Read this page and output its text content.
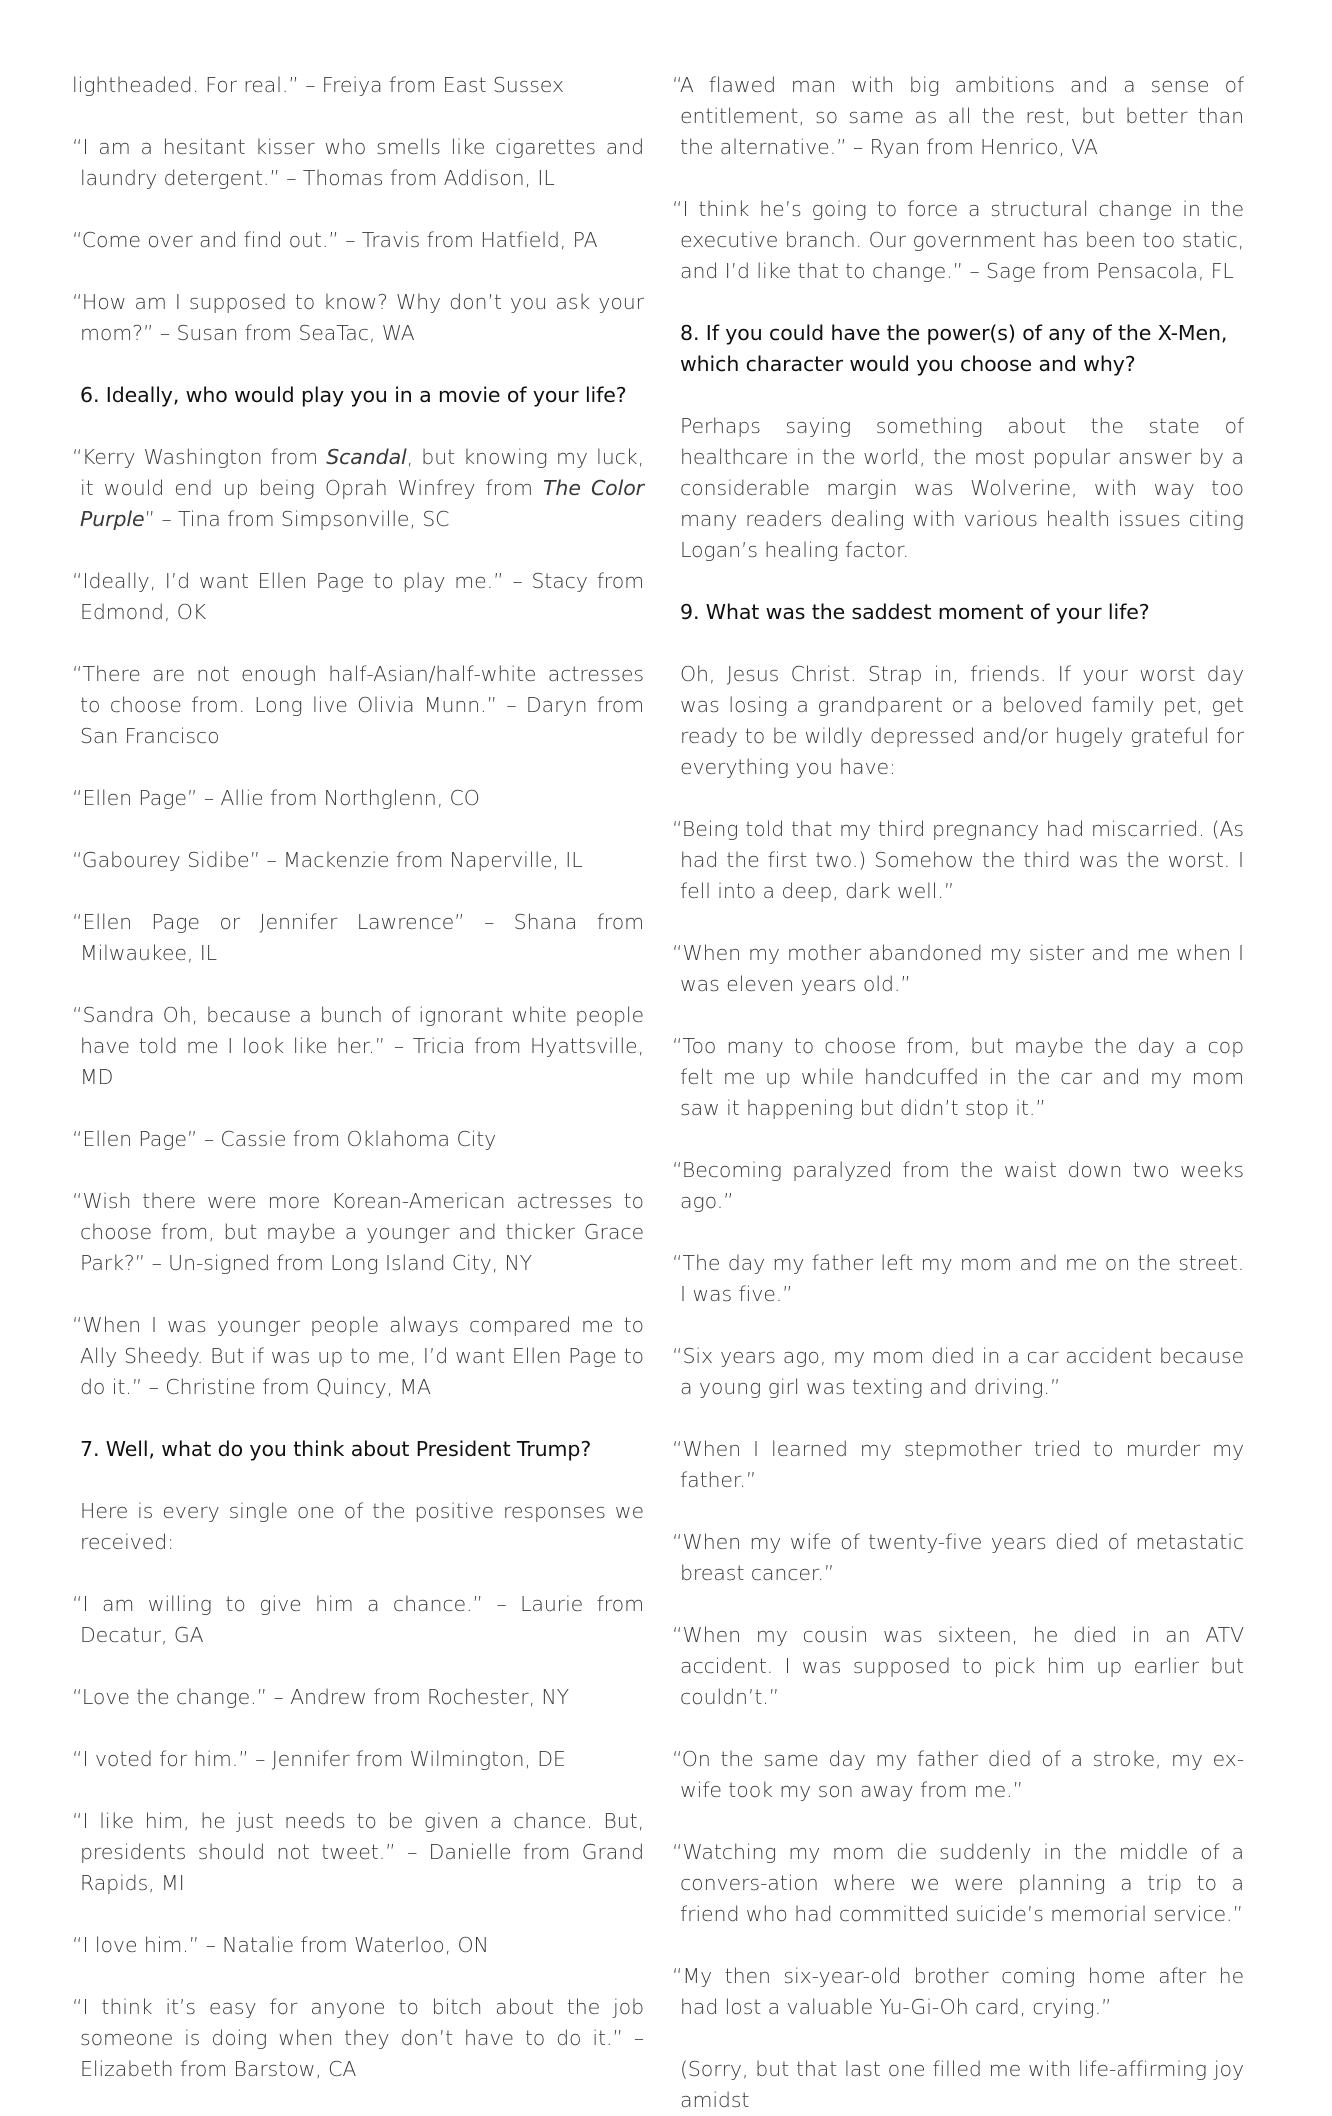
lightheaded. For real.” – Freiya from East Sussex

“I am a hesitant kisser who smells like cigarettes and laundry detergent.” – Thomas from Addison, IL

“Come over and find out.” – Travis from Hatfield, PA

“How am I supposed to know? Why don’t you ask your mom?” – Susan from SeaTac, WA

6. Ideally, who would play you in a movie of your life?

“Kerry Washington from Scandal, but knowing my luck, it would end up being Oprah Winfrey from The Color Purple” – Tina from Simpsonville, SC

“Ideally, I’d want Ellen Page to play me.” – Stacy from Edmond, OK

“There are not enough half-Asian/half-white actresses to choose from. Long live Olivia Munn.” – Daryn from San Francisco

“Ellen Page” – Allie from Northglenn, CO

“Gabourey Sidibe” – Mackenzie from Naperville, IL

“Ellen Page or Jennifer Lawrence” – Shana from Milwaukee, IL

“Sandra Oh, because a bunch of ignorant white people have told me I look like her.” – Tricia from Hyattsville, MD

“Ellen Page” – Cassie from Oklahoma City

“Wish there were more Korean-American actresses to choose from, but maybe a younger and thicker Grace Park?” – Un-signed from Long Island City, NY

“When I was younger people always compared me to Ally Sheedy. But if was up to me, I’d want Ellen Page to do it.” – Christine from Quincy, MA

7. Well, what do you think about President Trump?

Here is every single one of the positive responses we received:

“I am willing to give him a chance.” – Laurie from Decatur, GA

“Love the change.” – Andrew from Rochester, NY

“I voted for him.” – Jennifer from Wilmington, DE

“I like him, he just needs to be given a chance. But, presidents should not tweet.” – Danielle from Grand Rapids, MI

“I love him.” – Natalie from Waterloo, ON

“I think it’s easy for anyone to bitch about the job someone is doing when they don’t have to do it.” – Elizabeth from Barstow, CA

“A flawed man with big ambitions and a sense of entitlement, so same as all the rest, but better than the alternative.” – Ryan from Henrico, VA

“I think he’s going to force a structural change in the executive branch. Our government has been too static, and I’d like that to change.” – Sage from Pensacola, FL

8. If you could have the power(s) of any of the X-Men, which character would you choose and why?

Perhaps saying something about the state of healthcare in the world, the most popular answer by a considerable margin was Wolverine, with way too many readers dealing with various health issues citing Logan’s healing factor.

9. What was the saddest moment of your life?

Oh, Jesus Christ. Strap in, friends. If your worst day was losing a grandparent or a beloved family pet, get ready to be wildly depressed and/or hugely grateful for everything you have:

“Being told that my third pregnancy had miscarried. (As had the first two.) Somehow the third was the worst. I fell into a deep, dark well.”

“When my mother abandoned my sister and me when I was eleven years old.”

“Too many to choose from, but maybe the day a cop felt me up while handcuffed in the car and my mom saw it happening but didn’t stop it.”

“Becoming paralyzed from the waist down two weeks ago.”

“The day my father left my mom and me on the street. I was five.”

“Six years ago, my mom died in a car accident because a young girl was texting and driving.”

“When I learned my stepmother tried to murder my father.”

“When my wife of twenty-five years died of metastatic breast cancer.”

“When my cousin was sixteen, he died in an ATV accident. I was supposed to pick him up earlier but couldn’t.”

“On the same day my father died of a stroke, my ex-wife took my son away from me.”

“Watching my mom die suddenly in the middle of a convers-ation where we were planning a trip to a friend who had committed suicide’s memorial service.”

“My then six-year-old brother coming home after he had lost a valuable Yu-Gi-Oh card, crying.”

(Sorry, but that last one filled me with life-affirming joy amidst
